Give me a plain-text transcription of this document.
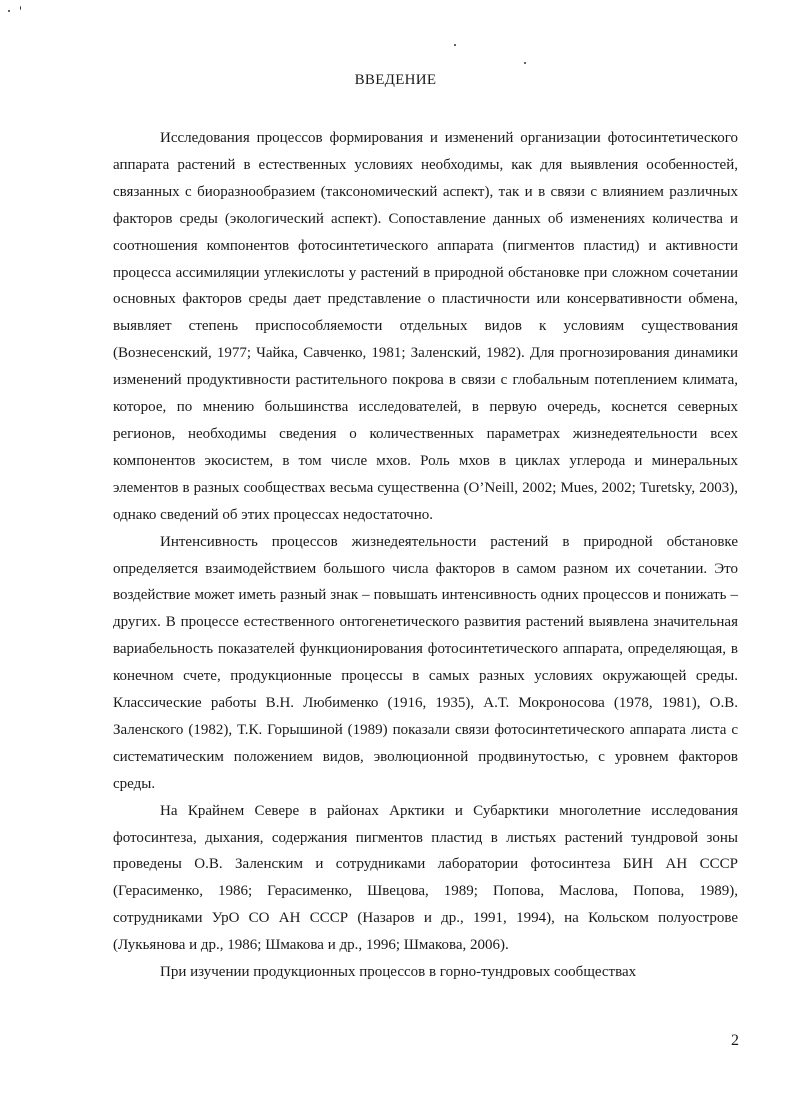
ВВЕДЕНИЕ

Исследования процессов формирования и изменений организации фотосинтетического аппарата растений в естественных условиях необходимы, как для выявления особенностей, связанных с биоразнообразием (таксономический аспект), так и в связи с влиянием различных факторов среды (экологический аспект). Сопоставление данных об изменениях количества и соотношения компонентов фотосинтетического аппарата (пигментов пластид) и активности процесса ассимиляции углекислоты у растений в природной обстановке при сложном сочетании основных факторов среды дает представление о пластичности или консервативности обмена, выявляет степень приспособляемости отдельных видов к условиям существования (Вознесенский, 1977; Чайка, Савченко, 1981; Заленский, 1982). Для прогнозирования динамики изменений продуктивности растительного покрова в связи с глобальным потеплением климата, которое, по мнению большинства исследователей, в первую очередь, коснется северных регионов, необходимы сведения о количественных параметрах жизнедеятельности всех компонентов экосистем, в том числе мхов. Роль мхов в циклах углерода и минеральных элементов в разных сообществах весьма существенна (O’Neill, 2002; Mues, 2002; Turetsky, 2003), однако сведений об этих процессах недостаточно.

Интенсивность процессов жизнедеятельности растений в природной обстановке определяется взаимодействием большого числа факторов в самом разном их сочетании. Это воздействие может иметь разный знак – повышать интенсивность одних процессов и понижать – других. В процессе естественного онтогенетического развития растений выявлена значительная вариабельность показателей функционирования фотосинтетического аппарата, определяющая, в конечном счете, продукционные процессы в самых разных условиях окружающей среды. Классические работы В.Н. Любименко (1916, 1935), А.Т. Мокроносова (1978, 1981), О.В. Заленского (1982), Т.К. Горышиной (1989) показали связи фотосинтетического аппарата листа с систематическим положением видов, эволюционной продвинутостью, с уровнем факторов среды.

На Крайнем Севере в районах Арктики и Субарктики многолетние исследования фотосинтеза, дыхания, содержания пигментов пластид в листьях растений тундровой зоны проведены О.В. Заленским и сотрудниками лаборатории фотосинтеза БИН АН СССР (Герасименко, 1986; Герасименко, Швецова, 1989; Попова, Маслова, Попова, 1989), сотрудниками УрО СО АН СССР (Назаров и др., 1991, 1994), на Кольском полуострове (Лукьянова и др., 1986; Шмакова и др., 1996; Шмакова, 2006).

При изучении продукционных процессов в горно-тундровых сообществах

2
